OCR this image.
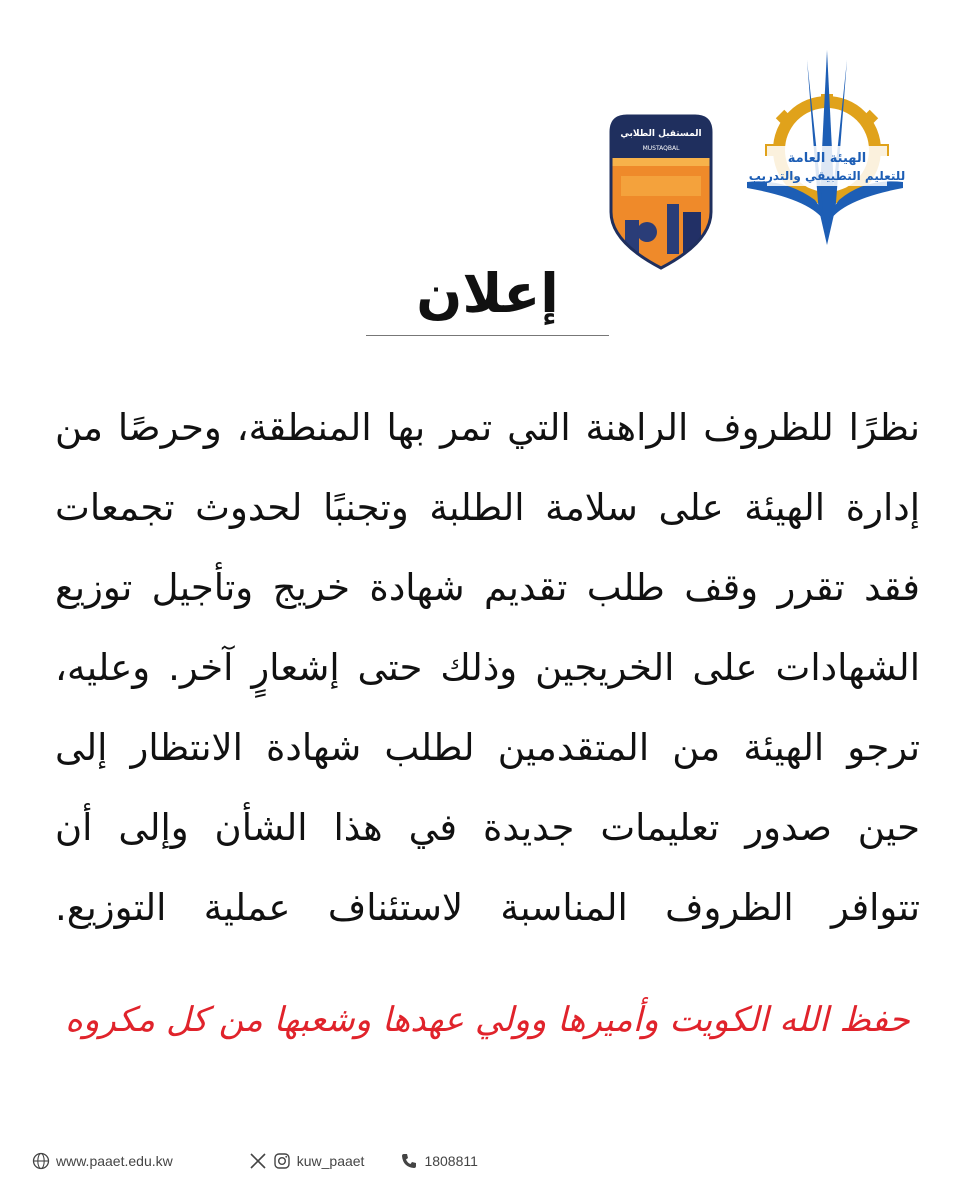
الهيئة العامة
للتعليم التطبيقي والتدريب
المستقبل الطلابي
MUSTAQBAL
إعلان
نظرًا للظروف الراهنة التي تمر بها المنطقة، وحرصًا من
إدارة الهيئة على سلامة الطلبة وتجنبًا لحدوث تجمعات
فقد تقرر وقف طلب تقديم شهادة خريج وتأجيل توزيع
الشهادات على الخريجين وذلك حتى إشعارٍ آخر. وعليه،
ترجو الهيئة من المتقدمين لطلب شهادة الانتظار إلى
حين صدور تعليمات جديدة في هذا الشأن وإلى أن
تتوافر الظروف المناسبة لاستئناف عملية التوزيع.
حفظ الله الكويت وأميرها وولي عهدها وشعبها من كل مكروه
www.paaet.edu.kw	kuw_paaet	1808811
